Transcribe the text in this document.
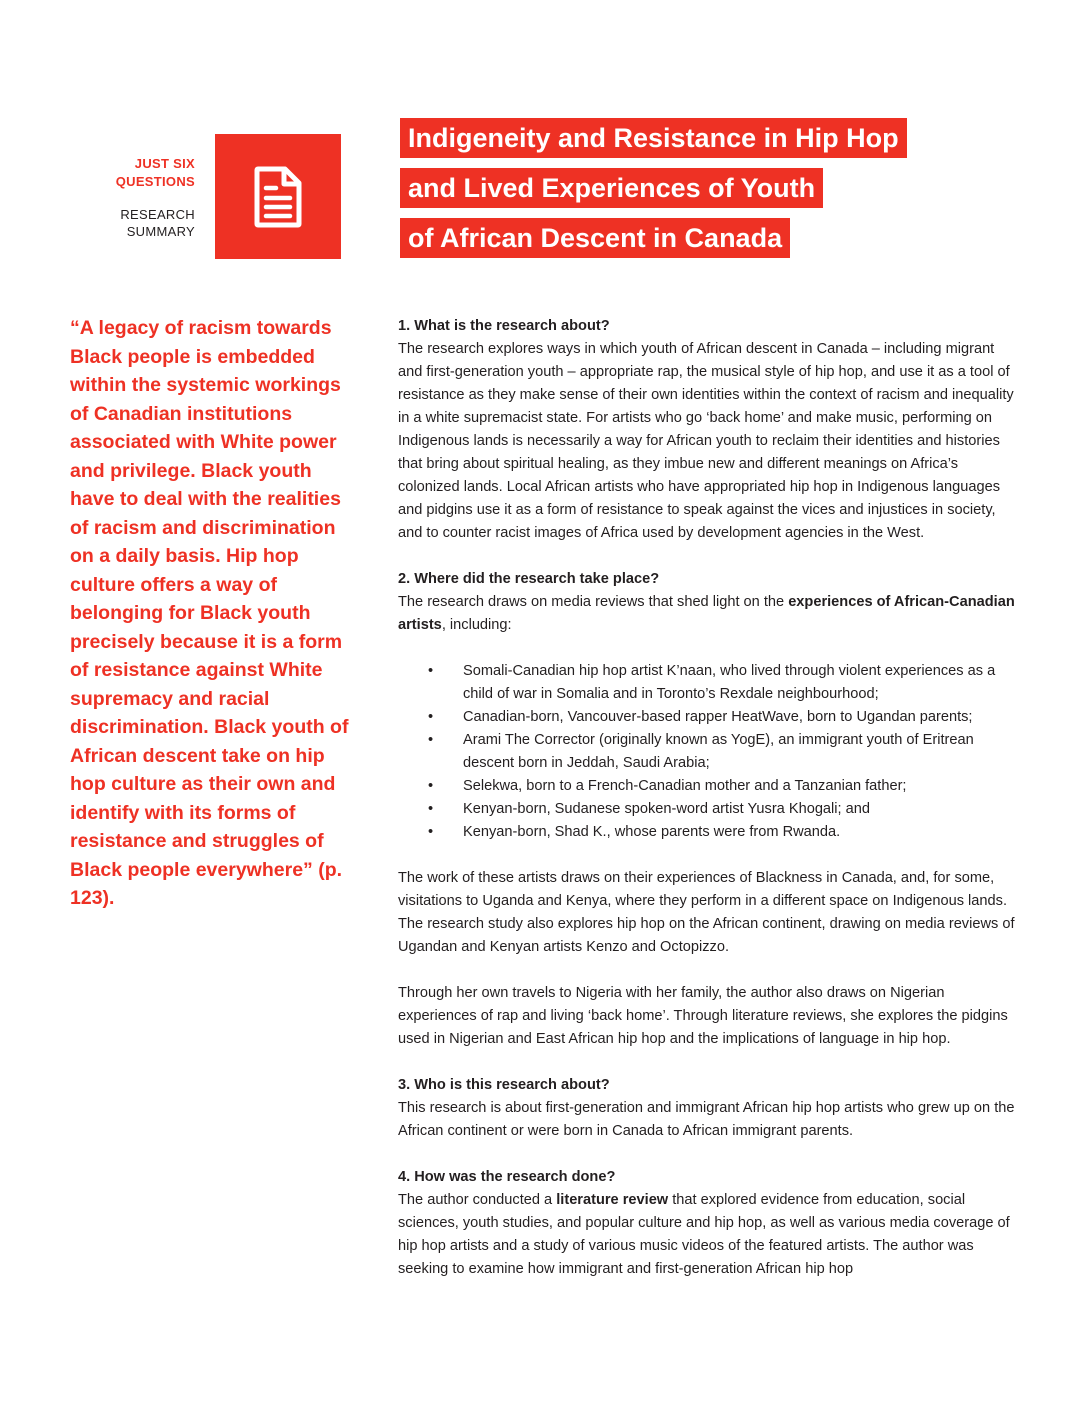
JUST SIX
QUESTIONS
RESEARCH
SUMMARY
Indigeneity and Resistance in Hip Hop
and Lived Experiences of Youth
of African Descent in Canada
“A legacy of racism towards Black people is embedded within the systemic workings of Canadian institutions associated with White power and privilege. Black youth have to deal with the realities of racism and discrimination on a daily basis. Hip hop culture offers a way of belonging for Black youth precisely because it is a form of resistance against White supremacy and racial discrimination. Black youth of African descent take on hip hop culture as their own and identify with its forms of resistance and struggles of Black people everywhere” (p. 123).

1. What is the research about?

The research explores ways in which youth of African descent in Canada – including migrant and first-generation youth – appropriate rap, the musical style of hip hop, and use it as a tool of resistance as they make sense of their own identities within the context of racism and inequality in a white supremacist state. For artists who go ‘back home’ and make music, performing on Indigenous lands is necessarily a way for African youth to reclaim their identities and histories that bring about spiritual healing, as they imbue new and different meanings on Africa’s colonized lands. Local African artists who have appropriated hip hop in Indigenous languages and pidgins use it as a form of resistance to speak against the vices and injustices in society, and to counter racist images of Africa used by development agencies in the West.

2. Where did the research take place?

The research draws on media reviews that shed light on the experiences of African-Canadian artists, including:

• Somali-Canadian hip hop artist K’naan, who lived through violent experiences as a child of war in Somalia and in Toronto’s Rexdale neighbourhood;
• Canadian-born, Vancouver-based rapper HeatWave, born to Ugandan parents;
• Arami The Corrector (originally known as YogE), an immigrant youth of Eritrean descent born in Jeddah, Saudi Arabia;
• Selekwa, born to a French-Canadian mother and a Tanzanian father;
• Kenyan-born, Sudanese spoken-word artist Yusra Khogali; and
• Kenyan-born, Shad K., whose parents were from Rwanda.

The work of these artists draws on their experiences of Blackness in Canada, and, for some, visitations to Uganda and Kenya, where they perform in a different space on Indigenous lands. The research study also explores hip hop on the African continent, drawing on media reviews of Ugandan and Kenyan artists Kenzo and Octopizzo.

Through her own travels to Nigeria with her family, the author also draws on Nigerian experiences of rap and living ‘back home’. Through literature reviews, she explores the pidgins used in Nigerian and East African hip hop and the implications of language in hip hop.

3. Who is this research about?

This research is about first-generation and immigrant African hip hop artists who grew up on the African continent or were born in Canada to African immigrant parents.

4. How was the research done?

The author conducted a literature review that explored evidence from education, social sciences, youth studies, and popular culture and hip hop, as well as various media coverage of hip hop artists and a study of various music videos of the featured artists. The author was seeking to examine how immigrant and first-generation African hip hop
